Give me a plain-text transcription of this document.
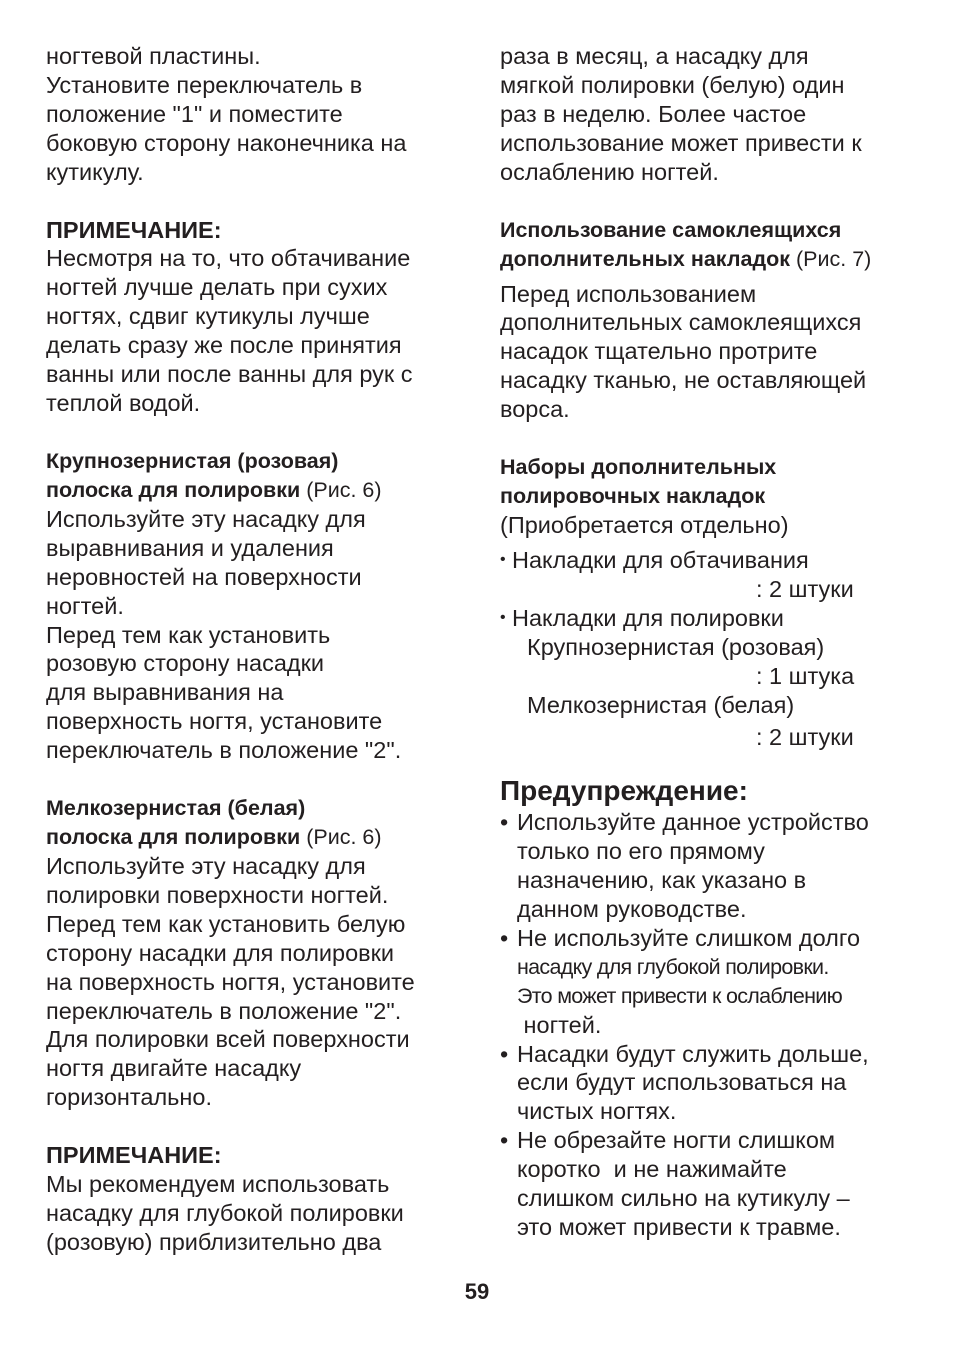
ногтевой пластины.

Установите переключатель в

положение "1" и поместите

боковую сторону наконечника на

кутикулу.

ПРИМЕЧАНИЕ:

Несмотря на то, что обтачивание

ногтей лучше делать при сухих

ногтях, сдвиг кутикулы лучше

делать сразу же после принятия

ванны или после ванны для рук с

теплой водой.

Крупнозернистая (розовая)

полоска для полировки (Рис. 6)

Используйте эту насадку для

выравнивания и удаления

неровностей на поверхности

ногтей.

Перед тем как установить

розовую сторону насадки

для выравнивания на

поверхность ногтя, установите

переключатель в положение "2".

Мелкозернистая (белая)

полоска для полировки (Рис. 6)

Используйте эту насадку для

полировки поверхности ногтей.

Перед тем как установить белую

сторону насадки для полировки

на поверхность ногтя, установите

переключатель в положение "2".

Для полировки всей поверхности

ногтя двигайте насадку

горизонтально.

ПРИМЕЧАНИЕ:

Мы рекомендуем использовать

насадку для глубокой полировки

(розовую) приблизительно два

раза в месяц, а насадку для

мягкой полировки (белую) один

раз в неделю. Более частое

использование может привести к

ослаблению ногтей.

Использование самоклеящихся

дополнительных накладок (Рис. 7)

Перед использованием

дополнительных самоклеящихся

насадок тщательно протрите

насадку тканью, не оставляющей

ворса.

Наборы дополнительных

полировочных накладок

(Приобретается отдельно)

• Накладки для обтачивания

: 2 штуки

• Накладки для полировки

Крупнозернистая (розовая)

: 1 штука

Мелкозернистая (белая)

: 2 штуки

Предупреждение:

• Используйте данное устройство

только по его прямому

назначению, как указано в

данном руководстве.

• Не используйте слишком долго

насадку для глубокой полировки.

Это может привести к ослаблению

ногтей.

• Насадки будут служить дольше,

если будут использоваться на

чистых ногтях.

• Не обрезайте ногти слишком

коротко  и не нажимайте

слишком сильно на кутикулу –

это может привести к травме.

59
